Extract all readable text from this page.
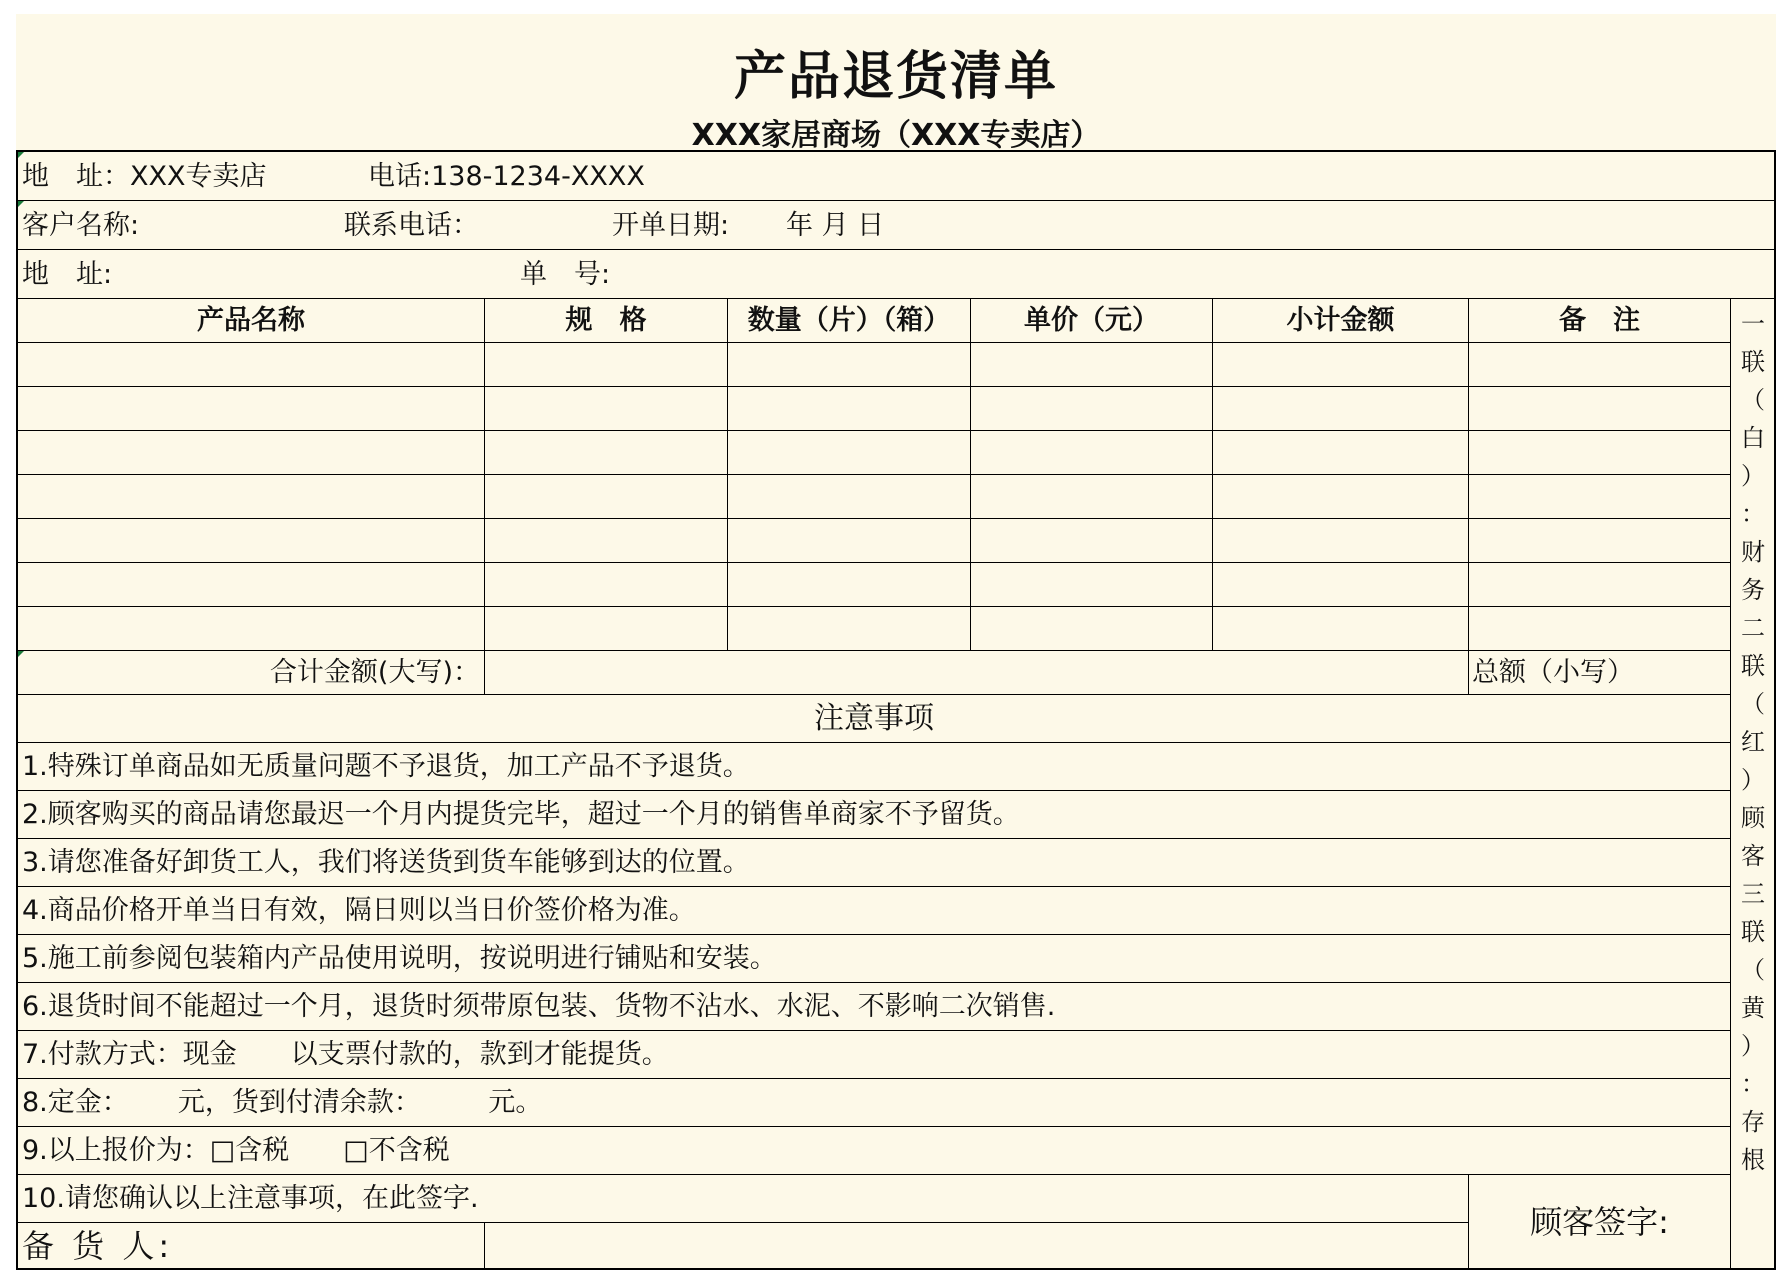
产品退货清单
XXX家居商场（XXX专卖店）
地　址：XXX专卖店	电话:138-1234-XXXX
客户名称:	联系电话：	开单日期: 年 月 日
地　址:	单　号:
产品名称	规　格	数量（片）（箱）	单价（元）	小计金额	备　注
合计金额(大写)：	总额（小写）
注意事项
1.特殊订单商品如无质量问题不予退货，加工产品不予退货。
2.顾客购买的商品请您最迟一个月内提货完毕，超过一个月的销售单商家不予留货。
3.请您准备好卸货工人，我们将送货到货车能够到达的位置。
4.商品价格开单当日有效，隔日则以当日价签价格为准。
5.施工前参阅包装箱内产品使用说明，按说明进行铺贴和安装。
6.退货时间不能超过一个月，退货时须带原包装、货物不沾水、水泥、不影响二次销售.
7.付款方式：现金　　以支票付款的，款到才能提货。
8.定金：　　 元，货到付清余款：　　　元。
9.以上报价为：□含税　　□不含税
10.请您确认以上注意事项，在此签字.
备 货 人:
顾客签字:
一
联
（
白
）
：
财
务
二
联
（
红
）
顾
客
三
联
（
黄
）
：
存
根
